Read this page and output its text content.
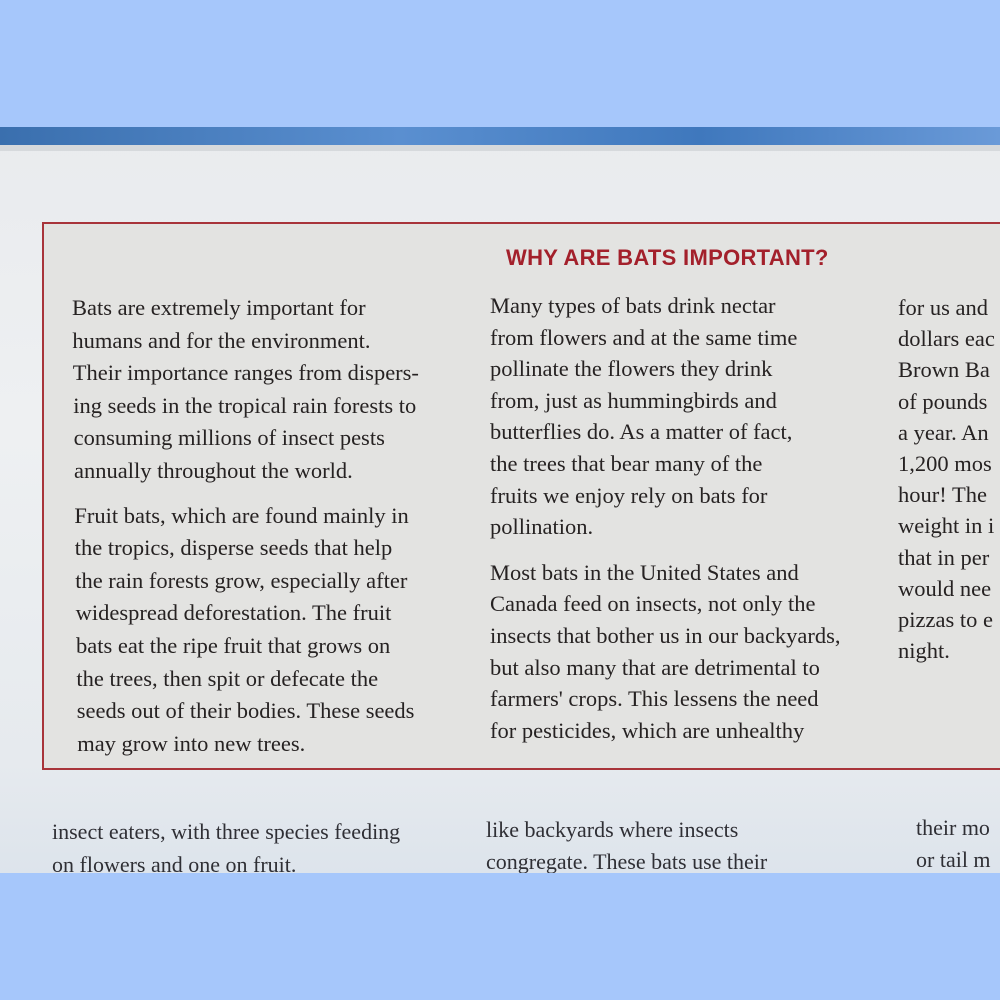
WHY ARE BATS IMPORTANT?
Bats are extremely important for
humans and for the environment.
Their importance ranges from dispers-
ing seeds in the tropical rain forests to
consuming millions of insect pests
annually throughout the world.
Fruit bats, which are found mainly in
the tropics, disperse seeds that help
the rain forests grow, especially after
widespread deforestation. The fruit
bats eat the ripe fruit that grows on
the trees, then spit or defecate the
seeds out of their bodies. These seeds
may grow into new trees.
Many types of bats drink nectar
from flowers and at the same time
pollinate the flowers they drink
from, just as hummingbirds and
butterflies do. As a matter of fact,
the trees that bear many of the
fruits we enjoy rely on bats for
pollination.
Most bats in the United States and
Canada feed on insects, not only the
insects that bother us in our backyards,
but also many that are detrimental to
farmers' crops. This lessens the need
for pesticides, which are unhealthy
for us and
dollars eac
Brown Ba
of pounds
a year. An
1,200 mos
hour! The
weight in i
that in per
would nee
pizzas to e
night.
insect eaters, with three species feeding
on flowers and one on fruit.
like backyards where insects
congregate. These bats use their
their mo
or tail m
